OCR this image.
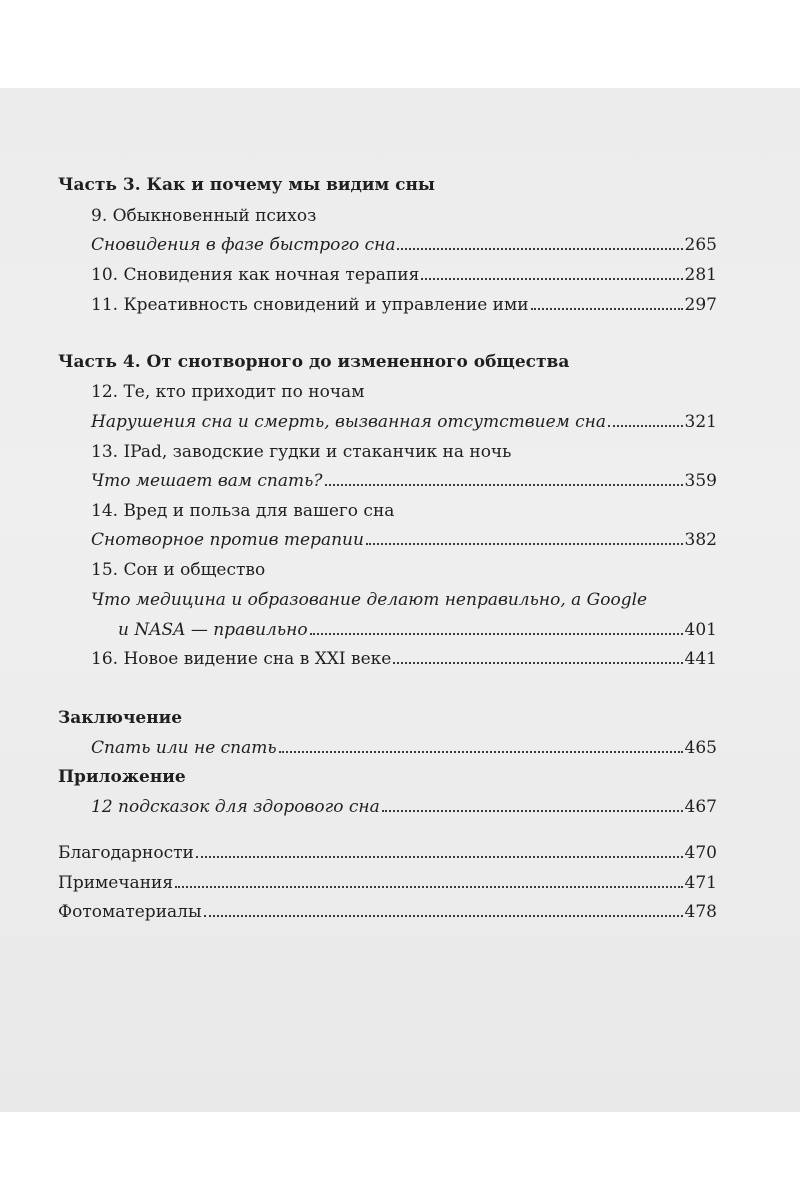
Часть 3. Как и почему мы видим сны
9. Обыкновенный психоз
Сновидения в фазе быстрого сна	265
10. Сновидения как ночная терапия	281
11. Креативность сновидений и управление ими	297
Часть 4. От снотворного до измененного общества
12. Те, кто приходит по ночам
Нарушения сна и смерть, вызванная отсутствием сна	321
13. IPad, заводские гудки и стаканчик на ночь
Что мешает вам спать?	359
14. Вред и польза для вашего сна
Снотворное против терапии	382
15. Сон и общество
Что медицина и образование делают неправильно, а Google
и NASA — правильно	401
16. Новое видение сна в XXI веке	441
Заключение
Спать или не спать	465
Приложение
12 подсказок для здорового сна	467
Благодарности	470
Примечания	471
Фотоматериалы	478
